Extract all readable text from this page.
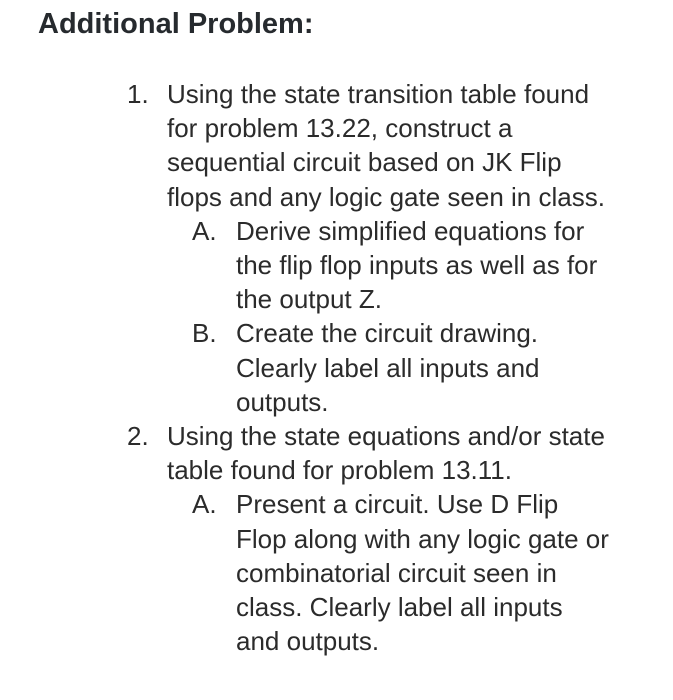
Additional Problem:
1. Using the state transition table found
for problem 13.22, construct a
sequential circuit based on JK Flip
flops and any logic gate seen in class.
A. Derive simplified equations for
the flip flop inputs as well as for
the output Z.
B. Create the circuit drawing.
Clearly label all inputs and
outputs.
2. Using the state equations and/or state
table found for problem 13.11.
A. Present a circuit. Use D Flip
Flop along with any logic gate or
combinatorial circuit seen in
class. Clearly label all inputs
and outputs.
